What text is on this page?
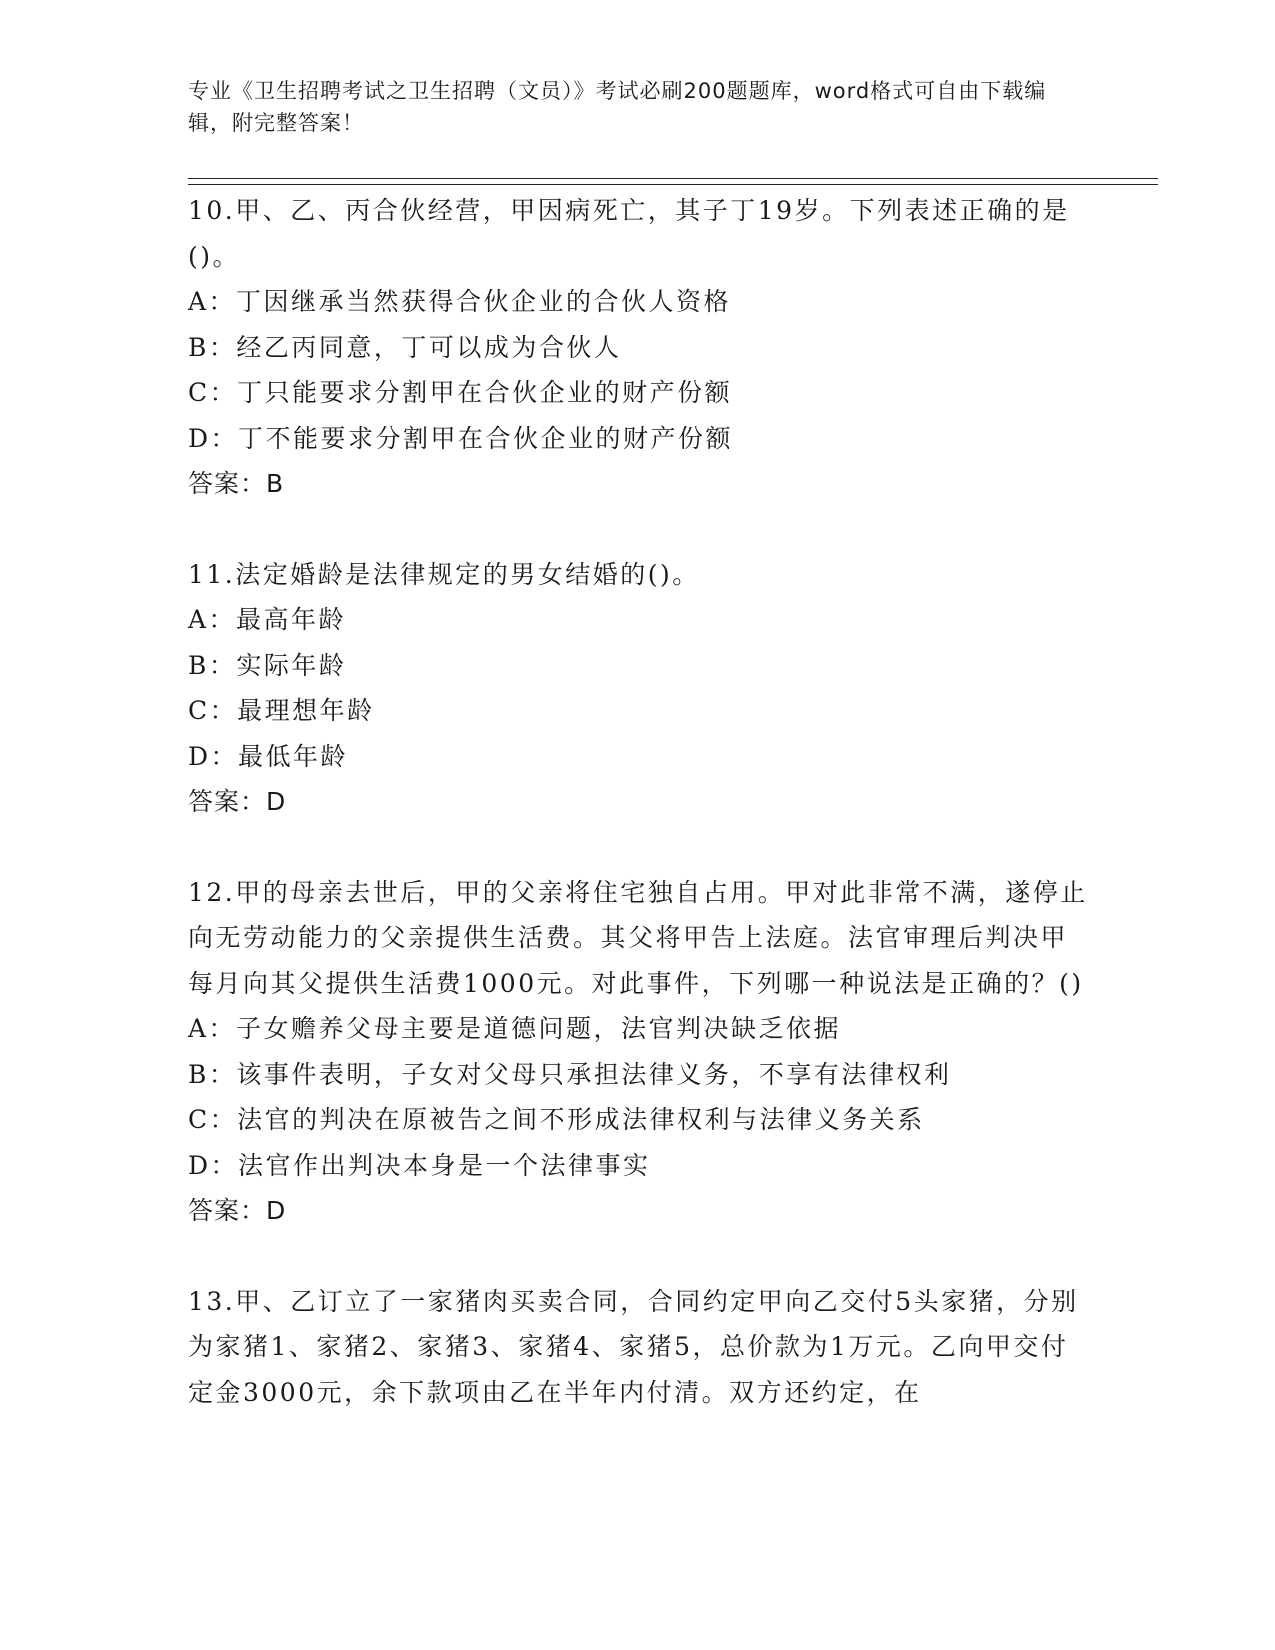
专业《卫生招聘考试之卫生招聘（文员）》考试必刷200题题库，word格式可自由下载编辑，附完整答案！

10.甲、乙、丙合伙经营，甲因病死亡，其子丁19岁。下列表述正确的是()。

A：丁因继承当然获得合伙企业的合伙人资格

B：经乙丙同意，丁可以成为合伙人

C：丁只能要求分割甲在合伙企业的财产份额

D：丁不能要求分割甲在合伙企业的财产份额

答案：B

11.法定婚龄是法律规定的男女结婚的()。

A：最高年龄

B：实际年龄

C：最理想年龄

D：最低年龄

答案：D

12.甲的母亲去世后，甲的父亲将住宅独自占用。甲对此非常不满，遂停止向无劳动能力的父亲提供生活费。其父将甲告上法庭。法官审理后判决甲每月向其父提供生活费1000元。对此事件，下列哪一种说法是正确的？()

A：子女赡养父母主要是道德问题，法官判决缺乏依据

B：该事件表明，子女对父母只承担法律义务，不享有法律权利

C：法官的判决在原被告之间不形成法律权利与法律义务关系

D：法官作出判决本身是一个法律事实

答案：D

13.甲、乙订立了一家猪肉买卖合同，合同约定甲向乙交付5头家猪，分别为家猪1、家猪2、家猪3、家猪4、家猪5，总价款为1万元。乙向甲交付定金3000元，余下款项由乙在半年内付清。双方还约定，在
